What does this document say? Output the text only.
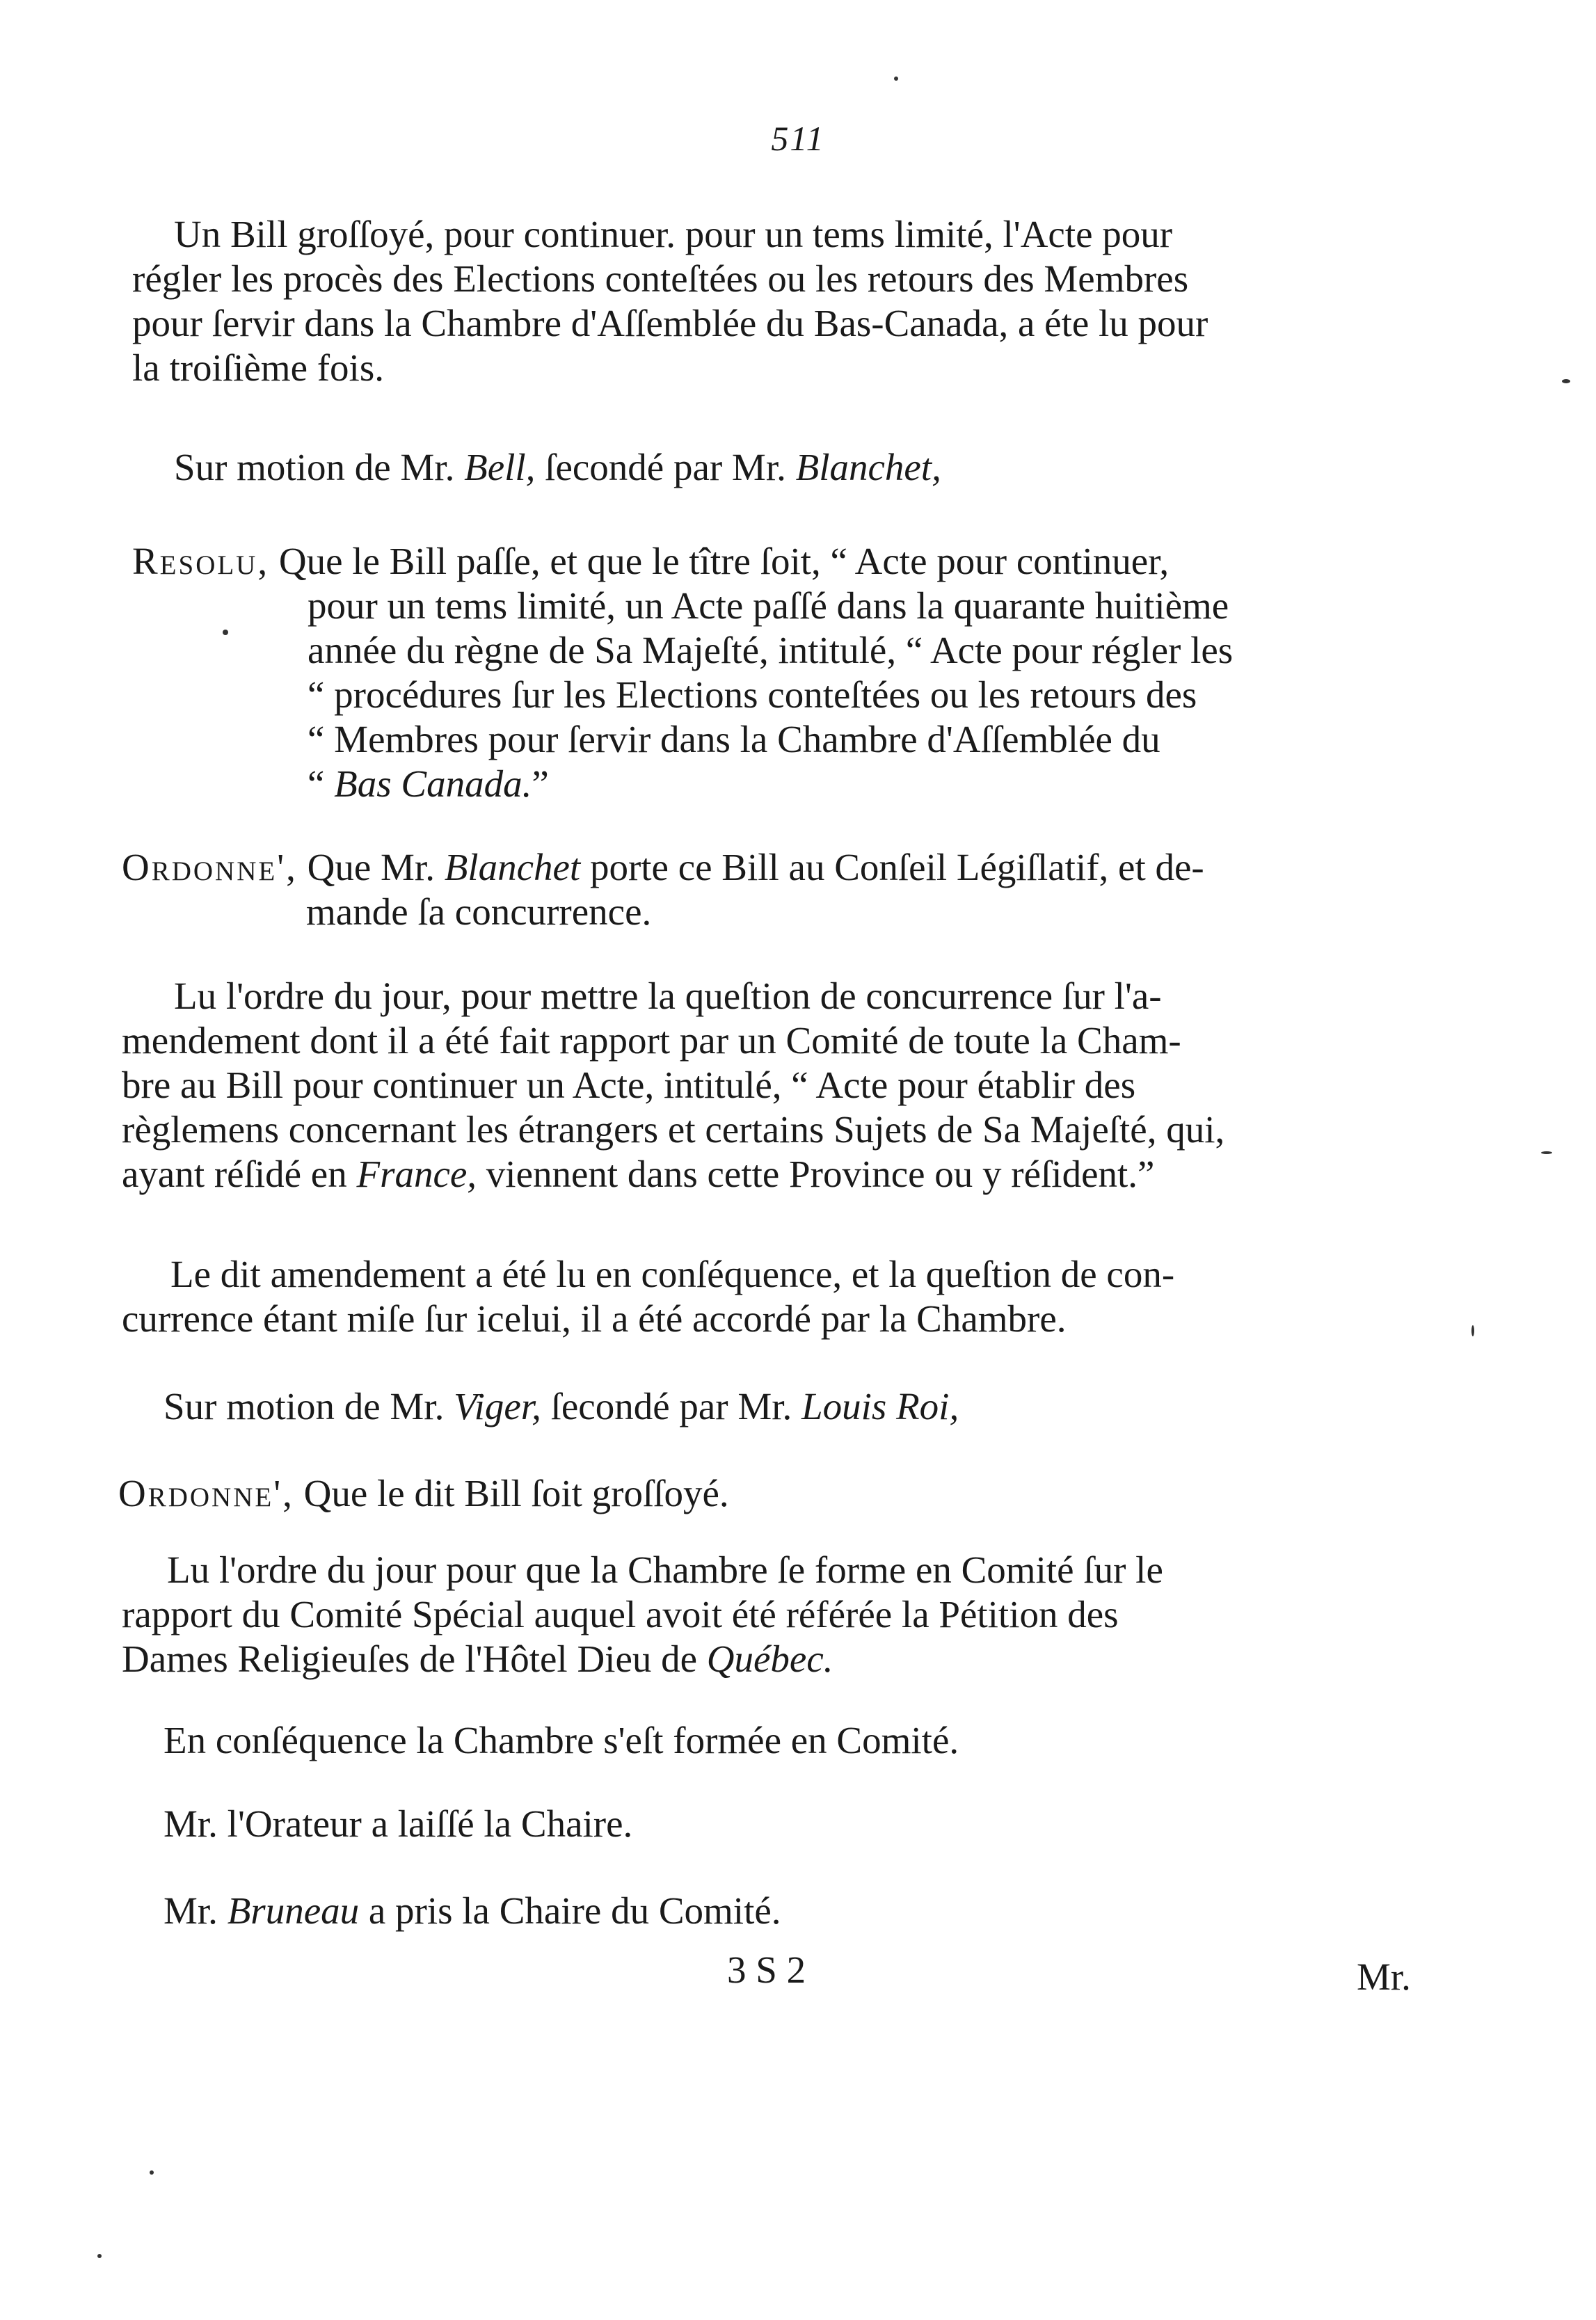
511
Un Bill groſſoyé, pour continuer. pour un tems limité, l'Acte pour
régler les procès des Elections conteſtées ou les retours des Membres
pour ſervir dans la Chambre d'Aſſemblée du Bas-Canada, a éte lu pour
la troiſième fois.
Sur motion de Mr. Bell, ſecondé par Mr. Blanchet,
Resolu, Que le Bill paſſe, et que le tître ſoit, “ Acte pour continuer,
pour un tems limité, un Acte paſſé dans la quarante huitième
année du règne de Sa Majeſté, intitulé, “ Acte pour régler les
“ procédures ſur les Elections conteſtées ou les retours des
“ Membres pour ſervir dans la Chambre d'Aſſemblée du
“ Bas Canada.”
Ordonne', Que Mr. Blanchet porte ce Bill au Conſeil Légiſlatif, et de-
mande ſa concurrence.
Lu l'ordre du jour, pour mettre la queſtion de concurrence ſur l'a-
mendement dont il a été fait rapport par un Comité de toute la Cham-
bre au Bill pour continuer un Acte, intitulé, “ Acte pour établir des
règlemens concernant les étrangers et certains Sujets de Sa Majeſté, qui,
ayant réſidé en France, viennent dans cette Province ou y réſident.”
Le dit amendement a été lu en conſéquence, et la queſtion de con-
currence étant miſe ſur icelui, il a été accordé par la Chambre.
Sur motion de Mr. Viger, ſecondé par Mr. Louis Roi,
Ordonne', Que le dit Bill ſoit groſſoyé.
Lu l'ordre du jour pour que la Chambre ſe forme en Comité ſur le
rapport du Comité Spécial auquel avoit été référée la Pétition des
Dames Religieuſes de l'Hôtel Dieu de Québec.
En conſéquence la Chambre s'eſt formée en Comité.
Mr. l'Orateur a laiſſé la Chaire.
Mr. Bruneau a pris la Chaire du Comité.
3 S 2	Mr.
